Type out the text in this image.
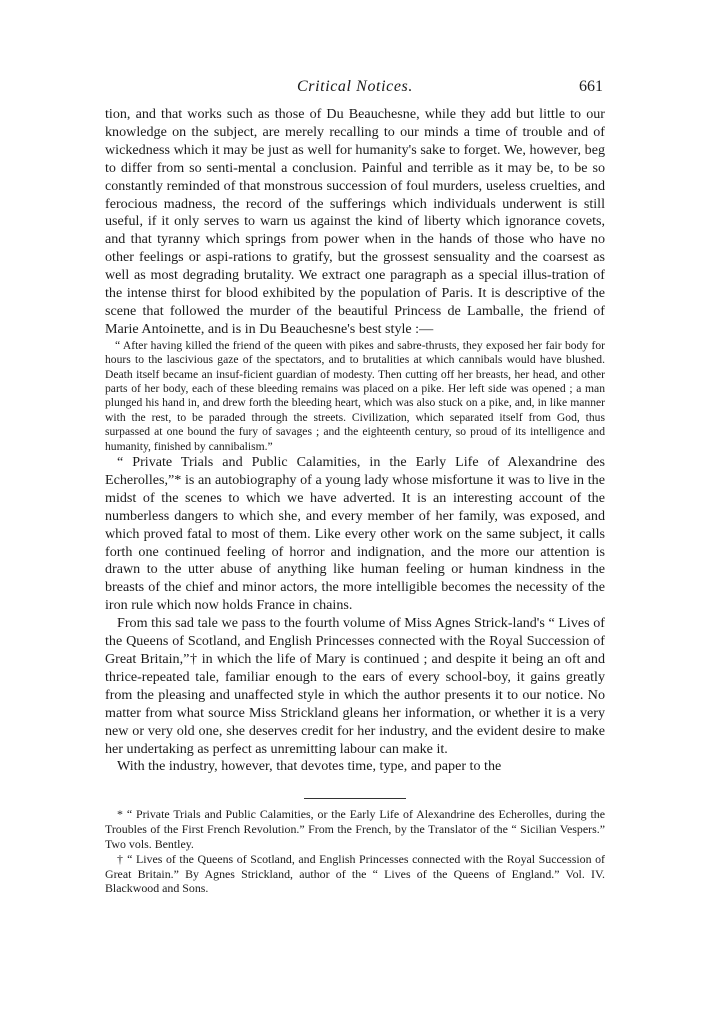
Critical Notices.	661

tion, and that works such as those of Du Beauchesne, while they add but little to our knowledge on the subject, are merely recalling to our minds a time of trouble and of wickedness which it may be just as well for humanity's sake to forget. We, however, beg to differ from so senti-mental a conclusion. Painful and terrible as it may be, to be so constantly reminded of that monstrous succession of foul murders, useless cruelties, and ferocious madness, the record of the sufferings which individuals underwent is still useful, if it only serves to warn us against the kind of liberty which ignorance covets, and that tyranny which springs from power when in the hands of those who have no other feelings or aspi-rations to gratify, but the grossest sensuality and the coarsest as well as most degrading brutality. We extract one paragraph as a special illus-tration of the intense thirst for blood exhibited by the population of Paris. It is descriptive of the scene that followed the murder of the beautiful Princess de Lamballe, the friend of Marie Antoinette, and is in Du Beauchesne's best style :—

“ After having killed the friend of the queen with pikes and sabre-thrusts, they exposed her fair body for hours to the lascivious gaze of the spectators, and to brutalities at which cannibals would have blushed. Death itself became an insuf-ficient guardian of modesty. Then cutting off her breasts, her head, and other parts of her body, each of these bleeding remains was placed on a pike. Her left side was opened ; a man plunged his hand in, and drew forth the bleeding heart, which was also stuck on a pike, and, in like manner with the rest, to be paraded through the streets. Civilization, which separated itself from God, thus surpassed at one bound the fury of savages ; and the eighteenth century, so proud of its intelligence and humanity, finished by cannibalism.”

“ Private Trials and Public Calamities, in the Early Life of Alexandrine des Echerolles,”* is an autobiography of a young lady whose misfortune it was to live in the midst of the scenes to which we have adverted. It is an interesting account of the numberless dangers to which she, and every member of her family, was exposed, and which proved fatal to most of them. Like every other work on the same subject, it calls forth one continued feeling of horror and indignation, and the more our attention is drawn to the utter abuse of anything like human feeling or human kindness in the breasts of the chief and minor actors, the more intelligible becomes the necessity of the iron rule which now holds France in chains.

From this sad tale we pass to the fourth volume of Miss Agnes Strick-land's “ Lives of the Queens of Scotland, and English Princesses connected with the Royal Succession of Great Britain,”† in which the life of Mary is continued ; and despite it being an oft and thrice-repeated tale, familiar enough to the ears of every school-boy, it gains greatly from the pleasing and unaffected style in which the author presents it to our notice. No matter from what source Miss Strickland gleans her information, or whether it is a very new or very old one, she deserves credit for her industry, and the evident desire to make her undertaking as perfect as unremitting labour can make it.

With the industry, however, that devotes time, type, and paper to the

* “ Private Trials and Public Calamities, or the Early Life of Alexandrine des Echerolles, during the Troubles of the First French Revolution.” From the French, by the Translator of the “ Sicilian Vespers.” Two vols. Bentley.

† “ Lives of the Queens of Scotland, and English Princesses connected with the Royal Succession of Great Britain.” By Agnes Strickland, author of the “ Lives of the Queens of England.” Vol. IV. Blackwood and Sons.
